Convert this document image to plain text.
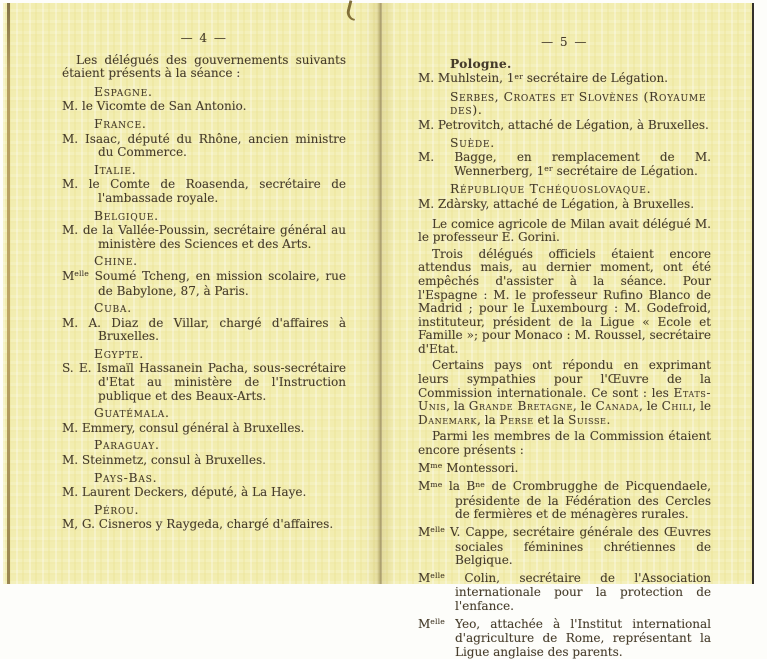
— 4 —

Les délégués des gouvernements suivants étaient présents à la séance :

Espagne.

M. le Vicomte de San Antonio.

France.

M. Isaac, député du Rhône, ancien ministre du Commerce.

Italie.

M. le Comte de Roasenda, secrétaire de l'ambassade royale.

Belgique.

M. de la Vallée-Poussin, secrétaire général au ministère des Sciences et des Arts.

Chine.

$M^{elle}$ Soumé Tcheng, en mission scolaire, rue de Babylone, 87, à Paris.

Cuba.

M. A. Diaz de Villar, chargé d'affaires à Bruxelles.

Egypte.

S. E. Ismaïl Hassanein Pacha, sous-secrétaire d'Etat au ministère de l'Instruction publique et des Beaux-Arts.

Guatémala.

M. Emmery, consul général à Bruxelles.

Paraguay.

M. Steinmetz, consul à Bruxelles.

Pays-Bas.

M. Laurent Deckers, député, à La Haye.

Pérou.

M, G. Cisneros y Raygeda, chargé d'affaires.

— 5 —
Pologne.

M. Muhlstein, 1er secrétaire de Légation.

Serbes, Croates et Slovènes (Royaume des).

M. Petrovitch, attaché de Légation, à Bruxelles.

Suède.

M. Bagge, en remplacement de M. Wennerberg, 1er secrétaire de Légation.

République Tchéquoslovaque.

M. Zdàrsky, attaché de Légation, à Bruxelles.

Le comice agricole de Milan avait délégué M. le professeur E. Gorini.

Trois délégués officiels étaient encore attendus mais, au dernier moment, ont été empêchés d'assister à la séance. Pour l'Espagne : M. le professeur Rufino Blanco de Madrid ; pour le Luxembourg : M. Godefroid, instituteur, président de la Ligue « Ecole et Famille »; pour Monaco : M. Roussel, secrétaire d'Etat.

Certains pays ont répondu en exprimant leurs sympathies pour l'Œuvre de la Commission internationale. Ce sont : les Etats-Unis, la Grande Bretagne, le Canada, le Chili, le Danemark, la Perse et la Suisse.

Parmi les membres de la Commission étaient encore présents :

$M^{me}$ Montessori.

$M^{me}$ la $B^{ne}$ de Crombrugghe de Picquendaele, présidente de la Fédération des Cercles de fermières et de ménagères rurales.

$M^{elle}$ V. Cappe, secrétaire générale des Œuvres sociales féminines chrétiennes de Belgique.

$M^{elle}$ Colin, secrétaire de l'Association internationale pour la protection de l'enfance.

$M^{elle}$ Yeo, attachée à l'Institut international d'agriculture de Rome, représentant la Ligue anglaise des parents.
